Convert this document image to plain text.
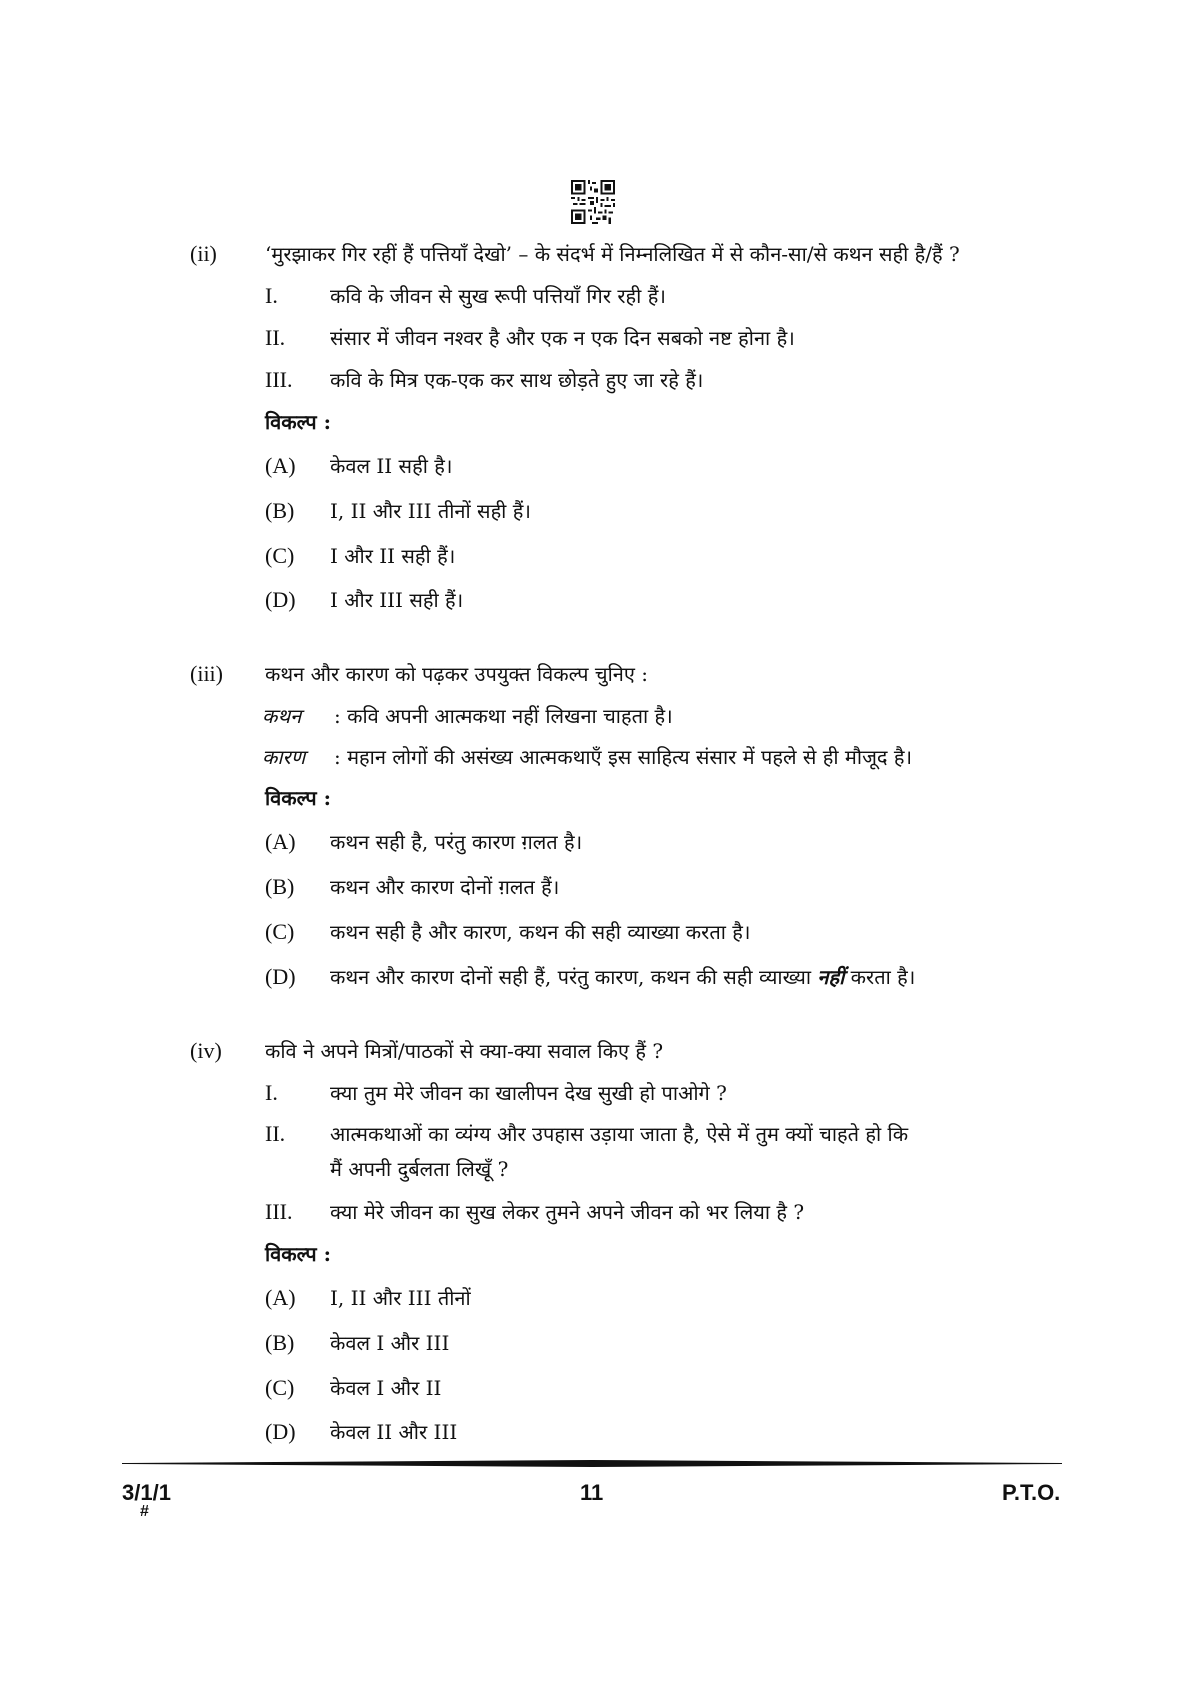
(ii) ‘मुरझाकर गिर रहीं हैं पत्तियाँ देखो’ – के संदर्भ में निम्नलिखित में से कौन-सा/से कथन सही है/हैं ?
I.	कवि के जीवन से सुख रूपी पत्तियाँ गिर रही हैं।
II. संसार में जीवन नश्वर है और एक न एक दिन सबको नष्ट होना है।
III. कवि के मित्र एक-एक कर साथ छोड़ते हुए जा रहे हैं।
विकल्प :
(A) केवल II सही है।
(B) I, II और III तीनों सही हैं।
(C) I और II सही हैं।
(D) I और III सही हैं।
(iii) कथन और कारण को पढ़कर उपयुक्त विकल्प चुनिए :
कथन : कवि अपनी आत्मकथा नहीं लिखना चाहता है।
कारण : महान लोगों की असंख्य आत्मकथाएँ इस साहित्य संसार में पहले से ही मौजूद है।
विकल्प :
(A) कथन सही है, परंतु कारण ग़लत है।
(B) कथन और कारण दोनों ग़लत हैं।
(C) कथन सही है और कारण, कथन की सही व्याख्या करता है।
(D) कथन और कारण दोनों सही हैं, परंतु कारण, कथन की सही व्याख्या नहीं करता है।
(iv) कवि ने अपने मित्रों/पाठकों से क्या-क्या सवाल किए हैं ?
I.	क्या तुम मेरे जीवन का खालीपन देख सुखी हो पाओगे ?
II. आत्मकथाओं का व्यंग्य और उपहास उड़ाया जाता है, ऐसे में तुम क्यों चाहते हो कि
मैं अपनी दुर्बलता लिखूँ ?
III. क्या मेरे जीवन का सुख लेकर तुमने अपने जीवन को भर लिया है ?
विकल्प :
(A) I, II और III तीनों
(B) केवल I और III
(C) केवल I और II
(D) केवल II और III
3/1/1	11	P.T.O.
#
